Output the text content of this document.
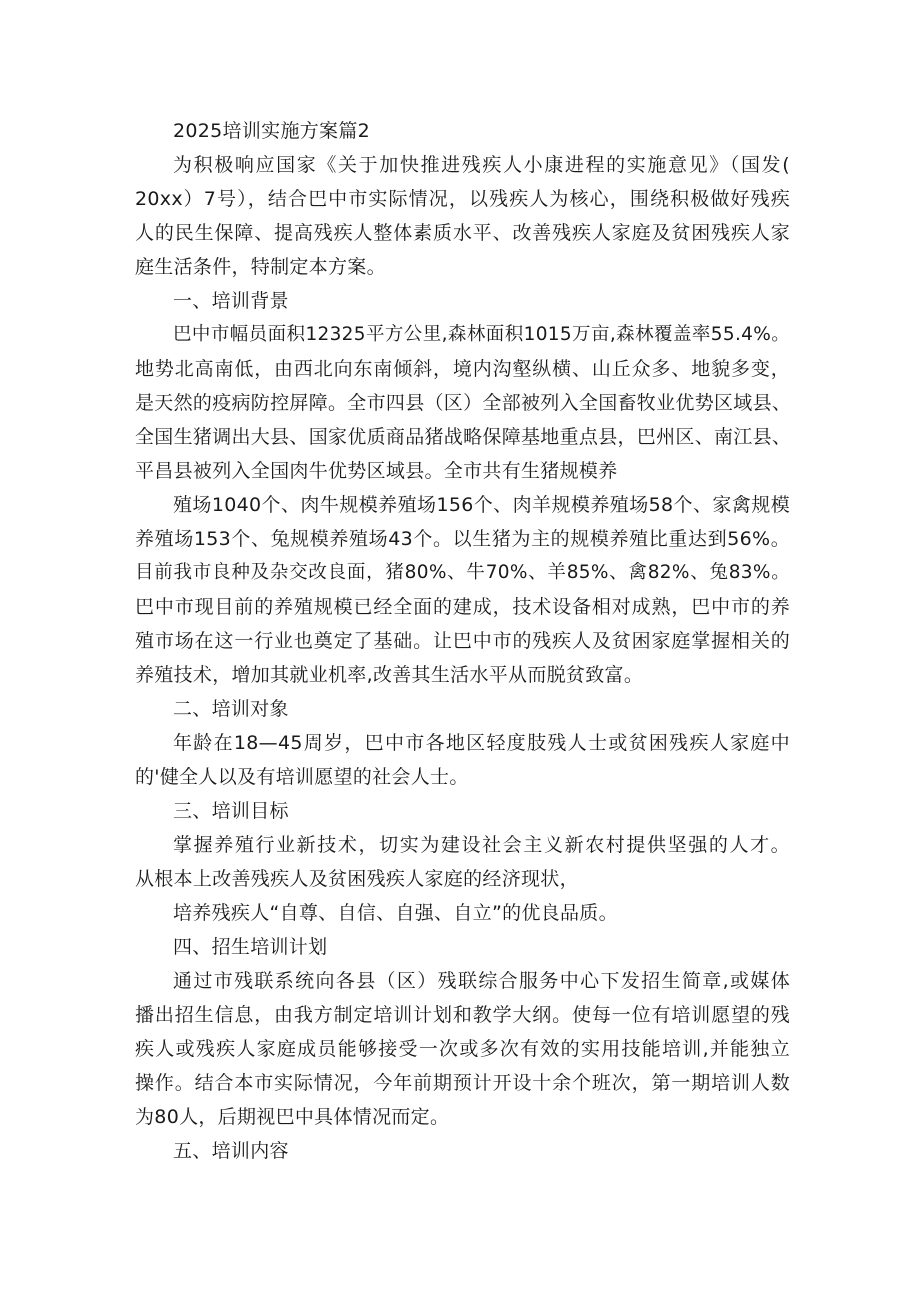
2025培训实施方案篇2
为积极响应国家《关于加快推进残疾人小康进程的实施意见》（国发(
20xx）7号），结合巴中市实际情况，以残疾人为核心，围绕积极做好残疾
人的民生保障、提高残疾人整体素质水平、改善残疾人家庭及贫困残疾人家
庭生活条件，特制定本方案。
一、培训背景
巴中市幅员面积12325平方公里,森林面积1015万亩,森林覆盖率55.4%。
地势北高南低，由西北向东南倾斜，境内沟壑纵横、山丘众多、地貌多变，
是天然的疫病防控屏障。全市四县（区）全部被列入全国畜牧业优势区域县、
全国生猪调出大县、国家优质商品猪战略保障基地重点县，巴州区、南江县、
平昌县被列入全国肉牛优势区域县。全市共有生猪规模养
殖场1040个、肉牛规模养殖场156个、肉羊规模养殖场58个、家禽规模
养殖场153个、兔规模养殖场43个。以生猪为主的规模养殖比重达到56%。
目前我市良种及杂交改良面，猪80%、牛70%、羊85%、禽82%、兔83%。
巴中市现目前的养殖规模已经全面的建成，技术设备相对成熟，巴中市的养
殖市场在这一行业也奠定了基础。让巴中市的残疾人及贫困家庭掌握相关的
养殖技术，增加其就业机率,改善其生活水平从而脱贫致富。
二、培训对象
年龄在18—45周岁，巴中市各地区轻度肢残人士或贫困残疾人家庭中
的'健全人以及有培训愿望的社会人士。
三、培训目标
掌握养殖行业新技术，切实为建设社会主义新农村提供坚强的人才。
从根本上改善残疾人及贫困残疾人家庭的经济现状，
培养残疾人“自尊、自信、自强、自立”的优良品质。
四、招生培训计划
通过市残联系统向各县（区）残联综合服务中心下发招生简章,或媒体
播出招生信息，由我方制定培训计划和教学大纲。使每一位有培训愿望的残
疾人或残疾人家庭成员能够接受一次或多次有效的实用技能培训,并能独立
操作。结合本市实际情况，今年前期预计开设十余个班次，第一期培训人数
为80人，后期视巴中具体情况而定。
五、培训内容
